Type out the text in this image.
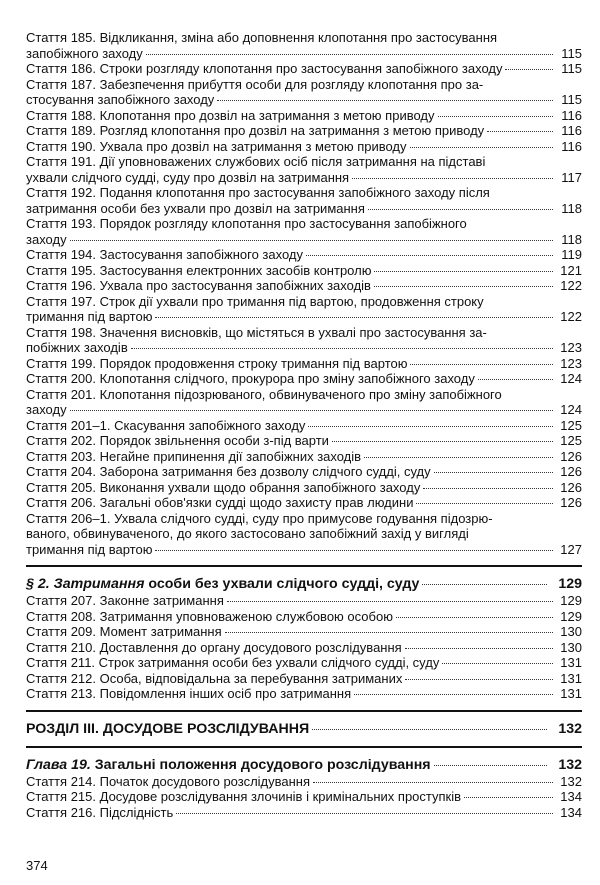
Стаття 185. Відкликання, зміна або доповнення клопотання про застосування
запобіжного заходу	115
Стаття 186. Строки розгляду клопотання про застосування запобіжного заходу	115
Стаття 187. Забезпечення прибуття особи для розгляду клопотання про за-
стосування запобіжного заходу	115
Стаття 188. Клопотання про дозвіл на затримання з метою приводу	116
Стаття 189. Розгляд клопотання про дозвіл на затримання з метою приводу	116
Стаття 190. Ухвала про дозвіл на затримання з метою приводу	116
Стаття 191. Дії уповноважених службових осіб після затримання на підставі
ухвали слідчого судді, суду про дозвіл на затримання	117
Стаття 192. Подання клопотання про застосування запобіжного заходу після
затримання особи без ухвали про дозвіл на затримання	118
Стаття 193. Порядок розгляду клопотання про застосування запобіжного
заходу	118
Стаття 194. Застосування запобіжного заходу	119
Стаття 195. Застосування електронних засобів контролю	121
Стаття 196. Ухвала про застосування запобіжних заходів	122
Стаття 197. Строк дії ухвали про тримання під вартою, продовження строку
тримання під вартою	122
Стаття 198. Значення висновків, що містяться в ухвалі про застосування за-
побіжних заходів	123
Стаття 199. Порядок продовження строку тримання під вартою	123
Стаття 200. Клопотання слідчого, прокурора про зміну запобіжного заходу	124
Стаття 201. Клопотання підозрюваного, обвинуваченого про зміну запобіжного
заходу	124
Стаття 201–1. Скасування запобіжного заходу	125
Стаття 202. Порядок звільнення особи з-під варти	125
Стаття 203. Негайне припинення дії запобіжних заходів	126
Стаття 204. Заборона затримання без дозволу слідчого судді, суду	126
Стаття 205. Виконання ухвали щодо обрання запобіжного заходу	126
Стаття 206. Загальні обов'язки судді щодо захисту прав людини	126
Стаття 206–1. Ухвала слідчого судді, суду про примусове годування підозрю-
ваного, обвинуваченого, до якого застосовано запобіжний захід у вигляді
тримання під вартою	127
§ 2. Затримання особи без ухвали слідчого судді, суду	129
Стаття 207. Законне затримання	129
Стаття 208. Затримання уповноваженою службовою особою	129
Стаття 209. Момент затримання	130
Стаття 210. Доставлення до органу досудового розслідування	130
Стаття 211. Строк затримання особи без ухвали слідчого судді, суду	131
Стаття 212. Особа, відповідальна за перебування затриманих	131
Стаття 213. Повідомлення інших осіб про затримання	131
РОЗДІЛ ІІІ. ДОСУДОВЕ РОЗСЛІДУВАННЯ	132
Глава 19. Загальні положення досудового розслідування	132
Стаття 214. Початок досудового розслідування	132
Стаття 215. Досудове розслідування злочинів і кримінальних проступків	134
Стаття 216. Підслідність	134
374
